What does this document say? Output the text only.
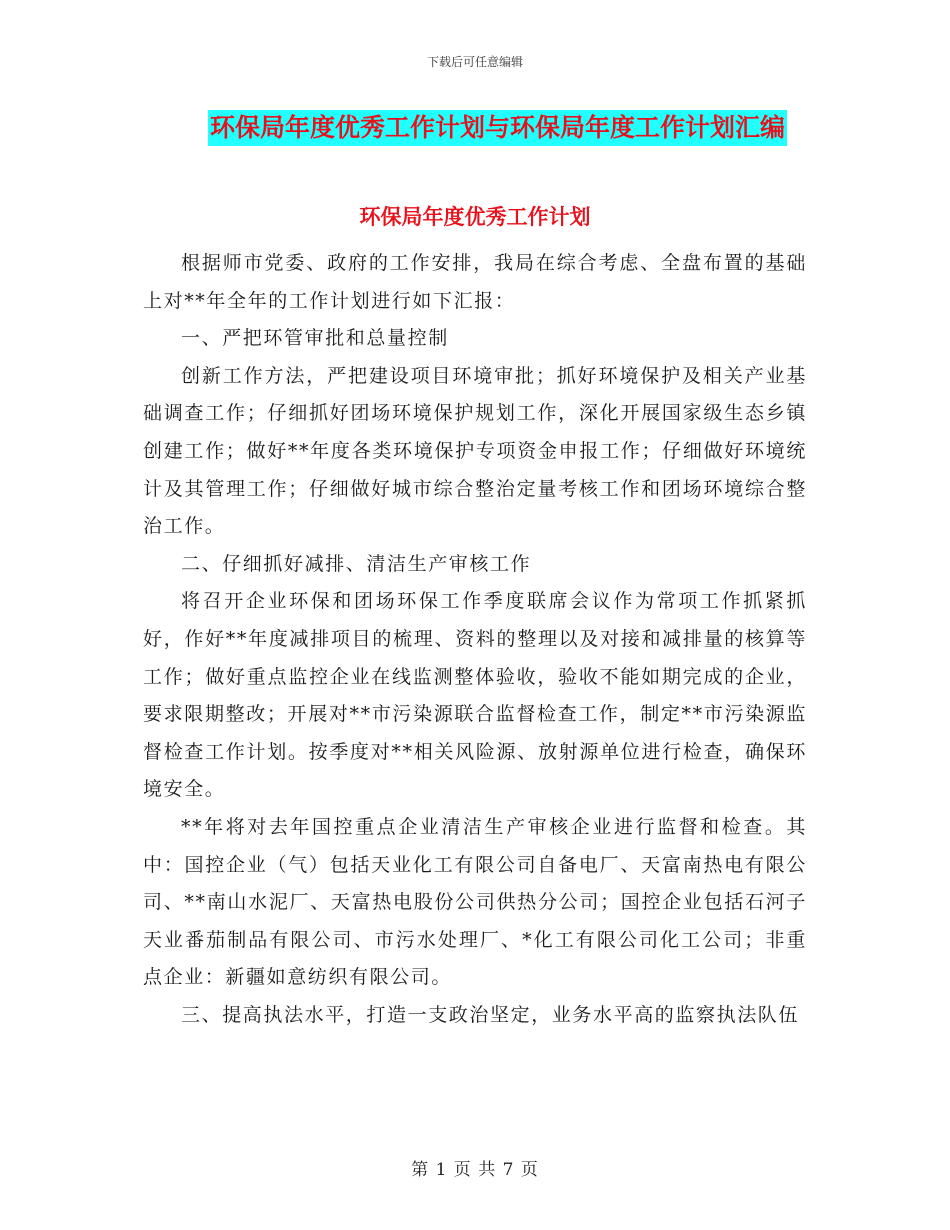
下载后可任意编辑
环保局年度优秀工作计划与环保局年度工作计划汇编
环保局年度优秀工作计划

根据师市党委、政府的工作安排，我局在综合考虑、全盘布置的基础上对**年全年的工作计划进行如下汇报：

一、严把环管审批和总量控制

创新工作方法，严把建设项目环境审批；抓好环境保护及相关产业基础调查工作；仔细抓好团场环境保护规划工作，深化开展国家级生态乡镇创建工作；做好**年度各类环境保护专项资金申报工作；仔细做好环境统计及其管理工作；仔细做好城市综合整治定量考核工作和团场环境综合整治工作。

二、仔细抓好减排、清洁生产审核工作

将召开企业环保和团场环保工作季度联席会议作为常项工作抓紧抓好，作好**年度减排项目的梳理、资料的整理以及对接和减排量的核算等工作；做好重点监控企业在线监测整体验收，验收不能如期完成的企业，要求限期整改；开展对**市污染源联合监督检查工作，制定**市污染源监督检查工作计划。按季度对**相关风险源、放射源单位进行检查，确保环境安全。

**年将对去年国控重点企业清洁生产审核企业进行监督和检查。其中：国控企业（气）包括天业化工有限公司自备电厂、天富南热电有限公司、**南山水泥厂、天富热电股份公司供热分公司；国控企业包括石河子天业番茄制品有限公司、市污水处理厂、*化工有限公司化工公司；非重点企业：新疆如意纺织有限公司。

三、提高执法水平，打造一支政治坚定，业务水平高的监察执法队伍

第 1 页 共 7 页
